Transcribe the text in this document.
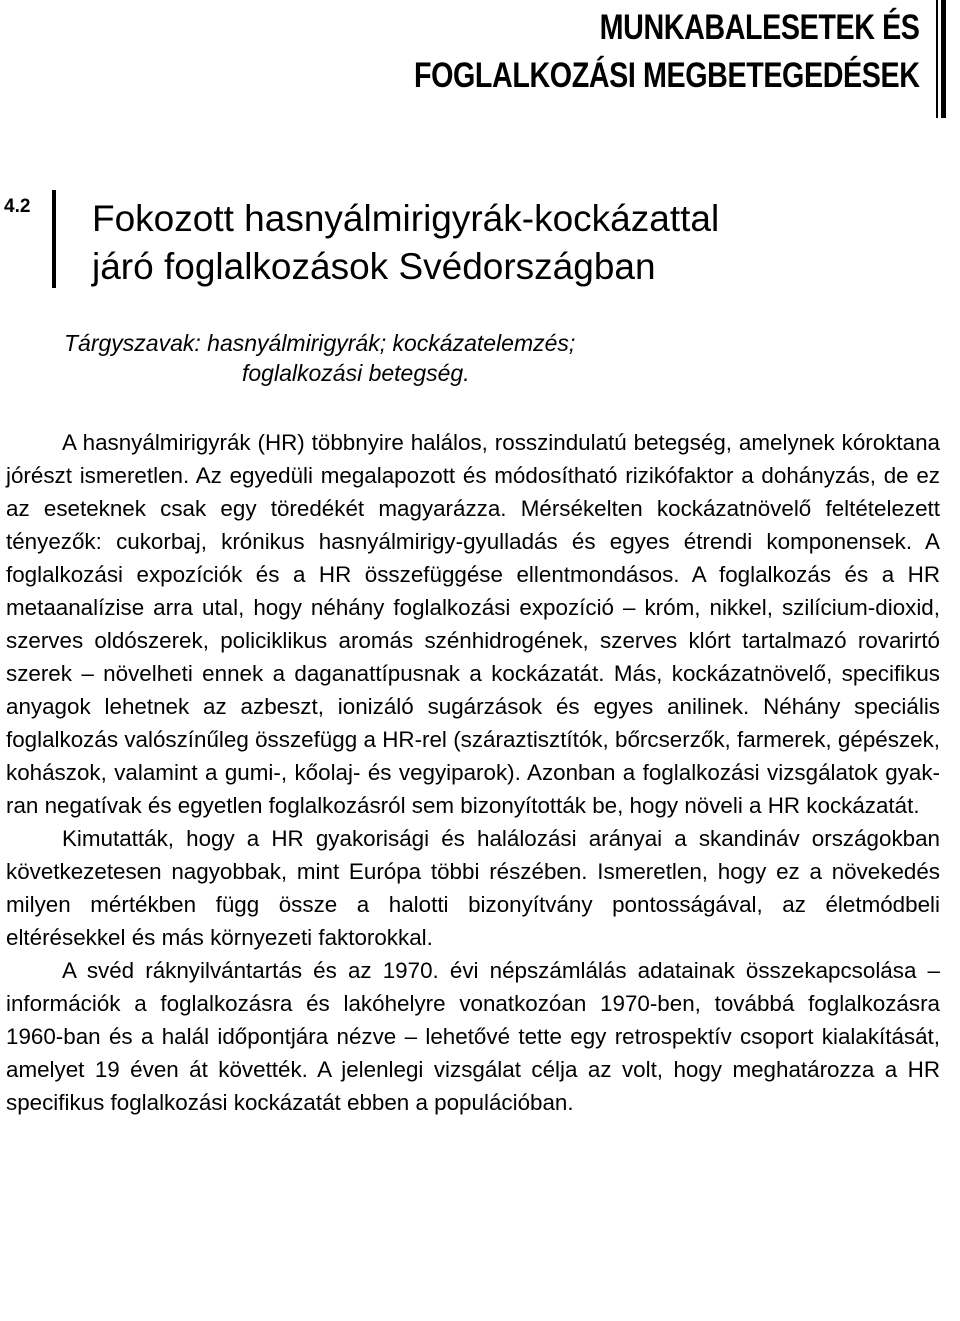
MUNKABALESETEK ÉS
FOGLALKOZÁSI MEGBETEGEDÉSEK
4.2 Fokozott hasnyálmirigyrák-kockázattal
járó foglalkozások Svédországban
Tárgyszavak: hasnyálmirigyrák; kockázatelemzés;
foglalkozási betegség.

A hasnyálmirigyrák (HR) többnyire halálos, rosszindulatú betegség, amelynek kóroktana jórészt ismeretlen. Az egyedüli megalapozott és módosítható rizikófaktor a dohányzás, de ez az eseteknek csak egy töredékét magyarázza. Mérsékelten kockázatnövelő feltételezett tényezők: cukorbaj, krónikus hasnyálmirigy-gyulladás és egyes étrendi komponensek. A foglalkozási expozíciók és a HR összefüggése ellentmondásos. A foglalkozás és a HR metaanalízise arra utal, hogy néhány foglalkozási expozíció – króm, nikkel, szilícium-dioxid, szerves oldószerek, policiklikus aromás szénhidrogének, szerves klórt tartalmazó rovarirtó szerek – növelheti ennek a daganattípusnak a kockázatát. Más, kockázatnövelő, specifikus anyagok lehetnek az azbeszt, ionizáló sugárzások és egyes anilinek. Néhány speciális foglalkozás valószínűleg összefügg a HR-rel (száraztisztítók, bőrcserzők, farmerek, gépészek, kohászok, valamint a gumi-, kőolaj- és vegyiparok). Azonban a foglalkozási vizsgálatok gyakran negatívak és egyetlen foglalkozásról sem bizonyították be, hogy növeli a HR kockázatát.

Kimutatták, hogy a HR gyakorisági és halálozási arányai a skandináv országokban következetesen nagyobbak, mint Európa többi részében. Ismeretlen, hogy ez a növekedés milyen mértékben függ össze a halotti bizonyítvány pontosságával, az életmódbeli eltérésekkel és más környezeti faktorokkal.

A svéd ráknyilvántartás és az 1970. évi népszámlálás adatainak összekapcsolása – információk a foglalkozásra és lakóhelyre vonatkozóan 1970-ben, továbbá foglalkozásra 1960-ban és a halál időpontjára nézve – lehetővé tette egy retrospektív csoport kialakítását, amelyet 19 éven át követték. A jelenlegi vizsgálat célja az volt, hogy meghatározza a HR specifikus foglalkozási kockázatát ebben a populációban.
